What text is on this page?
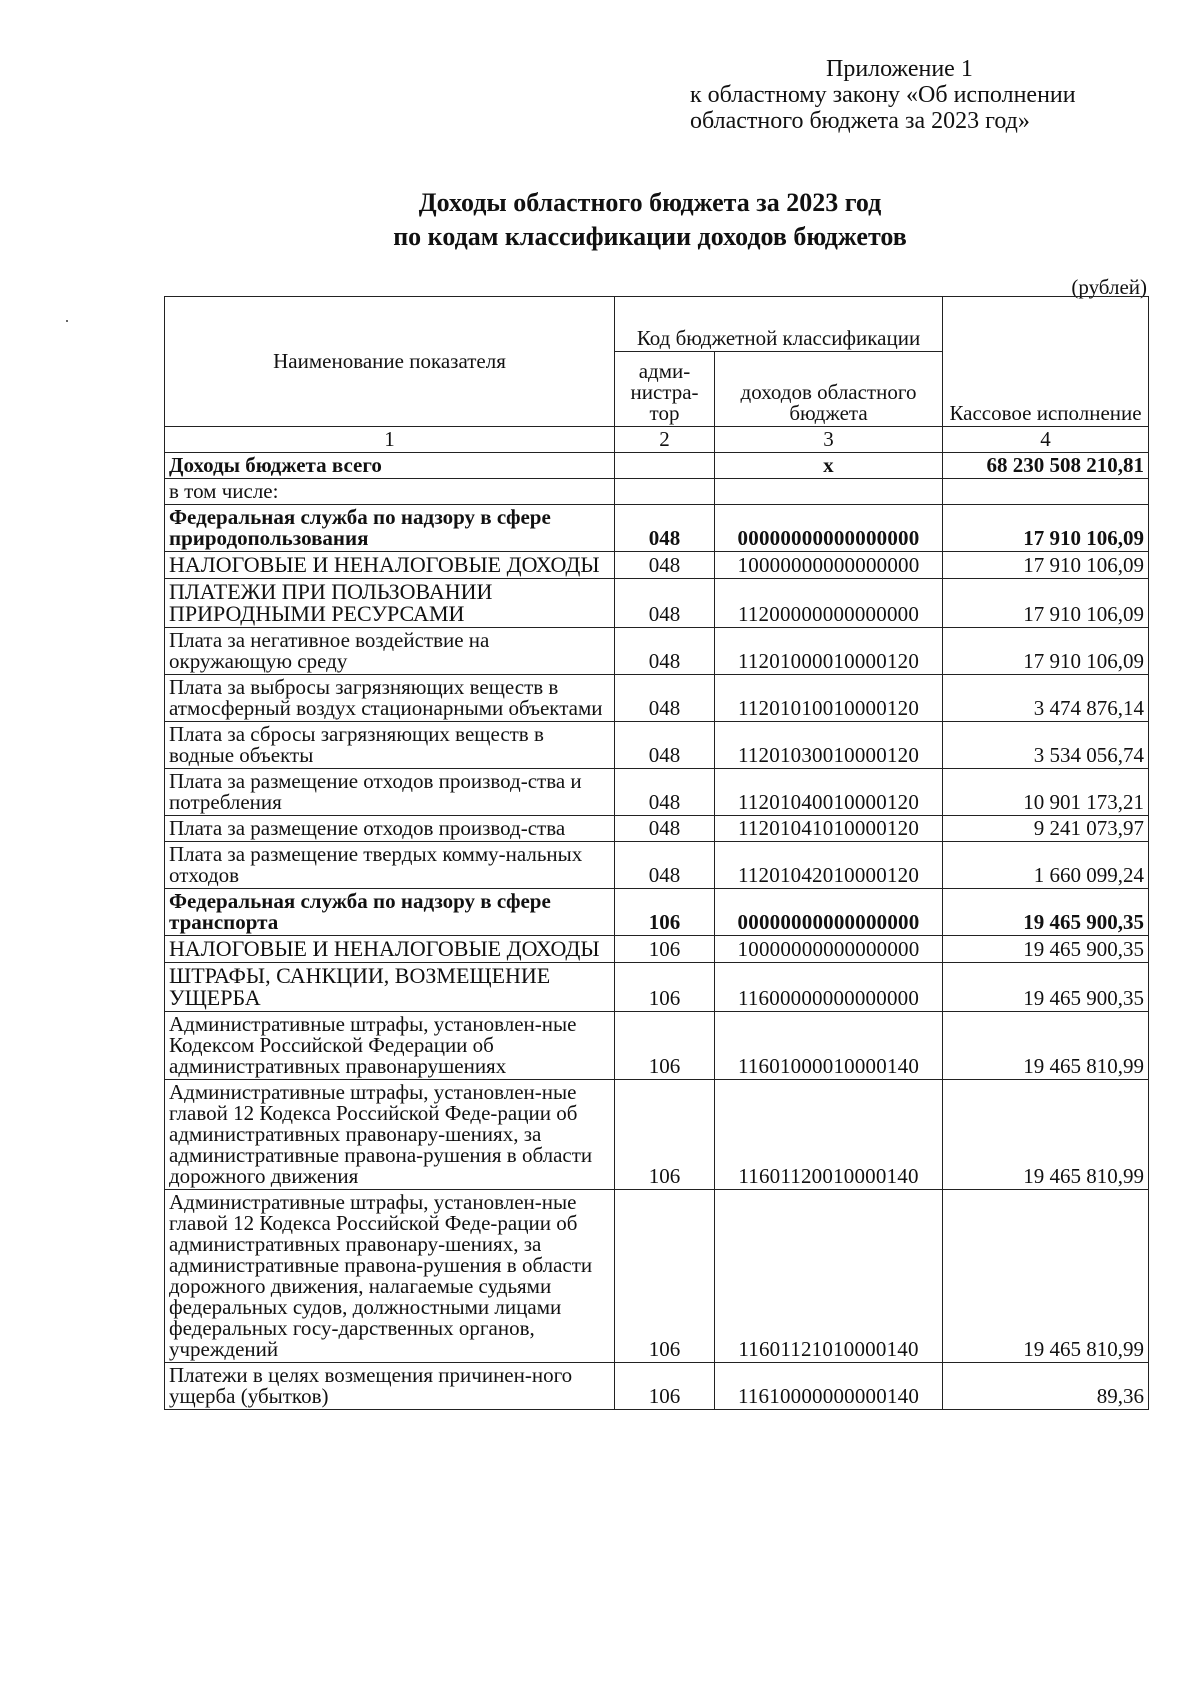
Приложение 1
к областному закону «Об исполнении
областного бюджета за 2023 год»
Доходы областного бюджета за 2023 год
по кодам классификации доходов бюджетов
(рублей)
Наименование показателя	Код бюджетной классификации		Кассовое исполнение
	адми-нистра-тор	доходов областного бюджета	
1	2	3	4
Доходы бюджета всего		х	68 230 508 210,81
в том числе:			
Федеральная служба по надзору в сфере природопользования	048	00000000000000000	17 910 106,09
НАЛОГОВЫЕ И НЕНАЛОГОВЫЕ ДОХОДЫ	048	10000000000000000	17 910 106,09
ПЛАТЕЖИ ПРИ ПОЛЬЗОВАНИИ ПРИРОДНЫМИ РЕСУРСАМИ	048	11200000000000000	17 910 106,09
Плата за негативное воздействие на окружающую среду	048	11201000010000120	17 910 106,09
Плата за выбросы загрязняющих веществ в атмосферный воздух стационарными объектами	048	11201010010000120	3 474 876,14
Плата за сбросы загрязняющих веществ в водные объекты	048	11201030010000120	3 534 056,74
Плата за размещение отходов производ-ства и потребления	048	11201040010000120	10 901 173,21
Плата за размещение отходов производ-ства	048	11201041010000120	9 241 073,97
Плата за размещение твердых комму-нальных отходов	048	11201042010000120	1 660 099,24
Федеральная служба по надзору в сфере транспорта	106	00000000000000000	19 465 900,35
НАЛОГОВЫЕ И НЕНАЛОГОВЫЕ ДОХОДЫ	106	10000000000000000	19 465 900,35
ШТРАФЫ, САНКЦИИ, ВОЗМЕЩЕНИЕ УЩЕРБА	106	11600000000000000	19 465 900,35
Административные штрафы, установлен-ные Кодексом Российской Федерации об административных правонарушениях	106	11601000010000140	19 465 810,99
Административные штрафы, установлен-ные главой 12 Кодекса Российской Феде-рации об административных правонару-шениях, за административные правона-рушения в области дорожного движения	106	11601120010000140	19 465 810,99
Административные штрафы, установлен-ные главой 12 Кодекса Российской Феде-рации об административных правонару-шениях, за административные правона-рушения в области дорожного движения, налагаемые судьями федеральных судов, должностными лицами федеральных госу-дарственных органов, учреждений	106	11601121010000140	19 465 810,99
Платежи в целях возмещения причинен-ного ущерба (убытков)	106	11610000000000140	89,36
